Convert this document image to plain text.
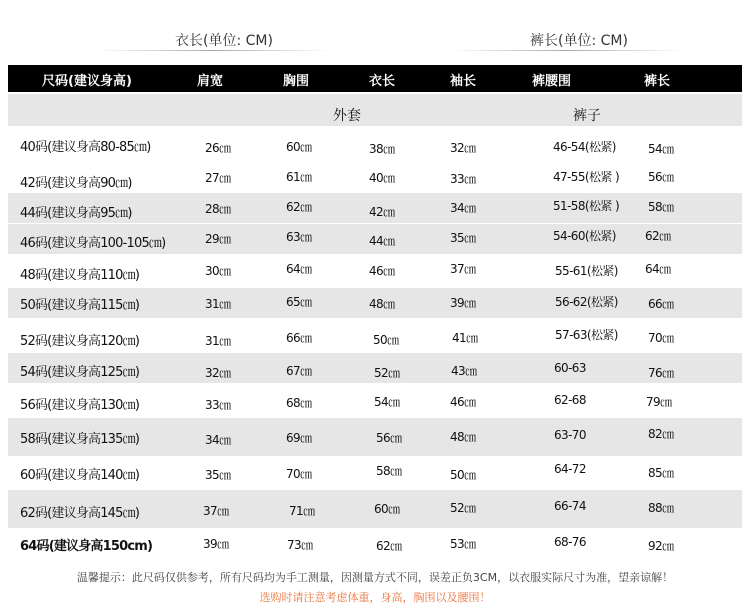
衣长(单位: CM)	裤长(单位: CM)
尺码(建议身高)	肩宽	胸围	衣长	袖长	裤腰围	裤长
外套	裤子
40码(建议身高80-85㎝)	26㎝	60㎝	38㎝	32㎝	46-54(松紧)	54㎝
42码(建议身高90㎝)	27㎝	61㎝	40㎝	33㎝	47-55(松紧 ) 56㎝
44码(建议身高95㎝)	28㎝	62㎝	42㎝	34㎝	51-58(松紧 ) 58㎝
46码(建议身高100-105㎝)	29㎝	63㎝	44㎝	35㎝	54-60(松紧) 62㎝
48码(建议身高110㎝)	30㎝	64㎝	46㎝	37㎝	55-61(松紧) 64㎝
50码(建议身高115㎝)	31㎝	65㎝	48㎝	39㎝	56-62(松紧)	66㎝
52码(建议身高120㎝)	31㎝	66㎝	50㎝	41㎝	57-63(松紧)	70㎝
54码(建议身高125㎝)	32㎝	67㎝	52㎝	43㎝	60-63	76㎝
56码(建议身高130㎝)	33㎝	68㎝	54㎝	46㎝	62-68	79㎝
58码(建议身高135㎝)	34㎝	69㎝	56㎝	48㎝	63-70	82㎝
60码(建议身高140㎝)	35㎝	70㎝	58㎝	50㎝	64-72	85㎝
62码(建议身高145㎝)	37㎝	71㎝	60㎝	52㎝	66-74	88㎝
64码(建议身高150cm)	39㎝	73㎝	62㎝	53㎝	68-76	92㎝
温馨提示：此尺码仅供参考，所有尺码均为手工测量，因测量方式不同，误差正负3CM，以衣服实际尺寸为准，望亲谅解！
选购时请注意考虑体重，身高，胸围以及腰围！
